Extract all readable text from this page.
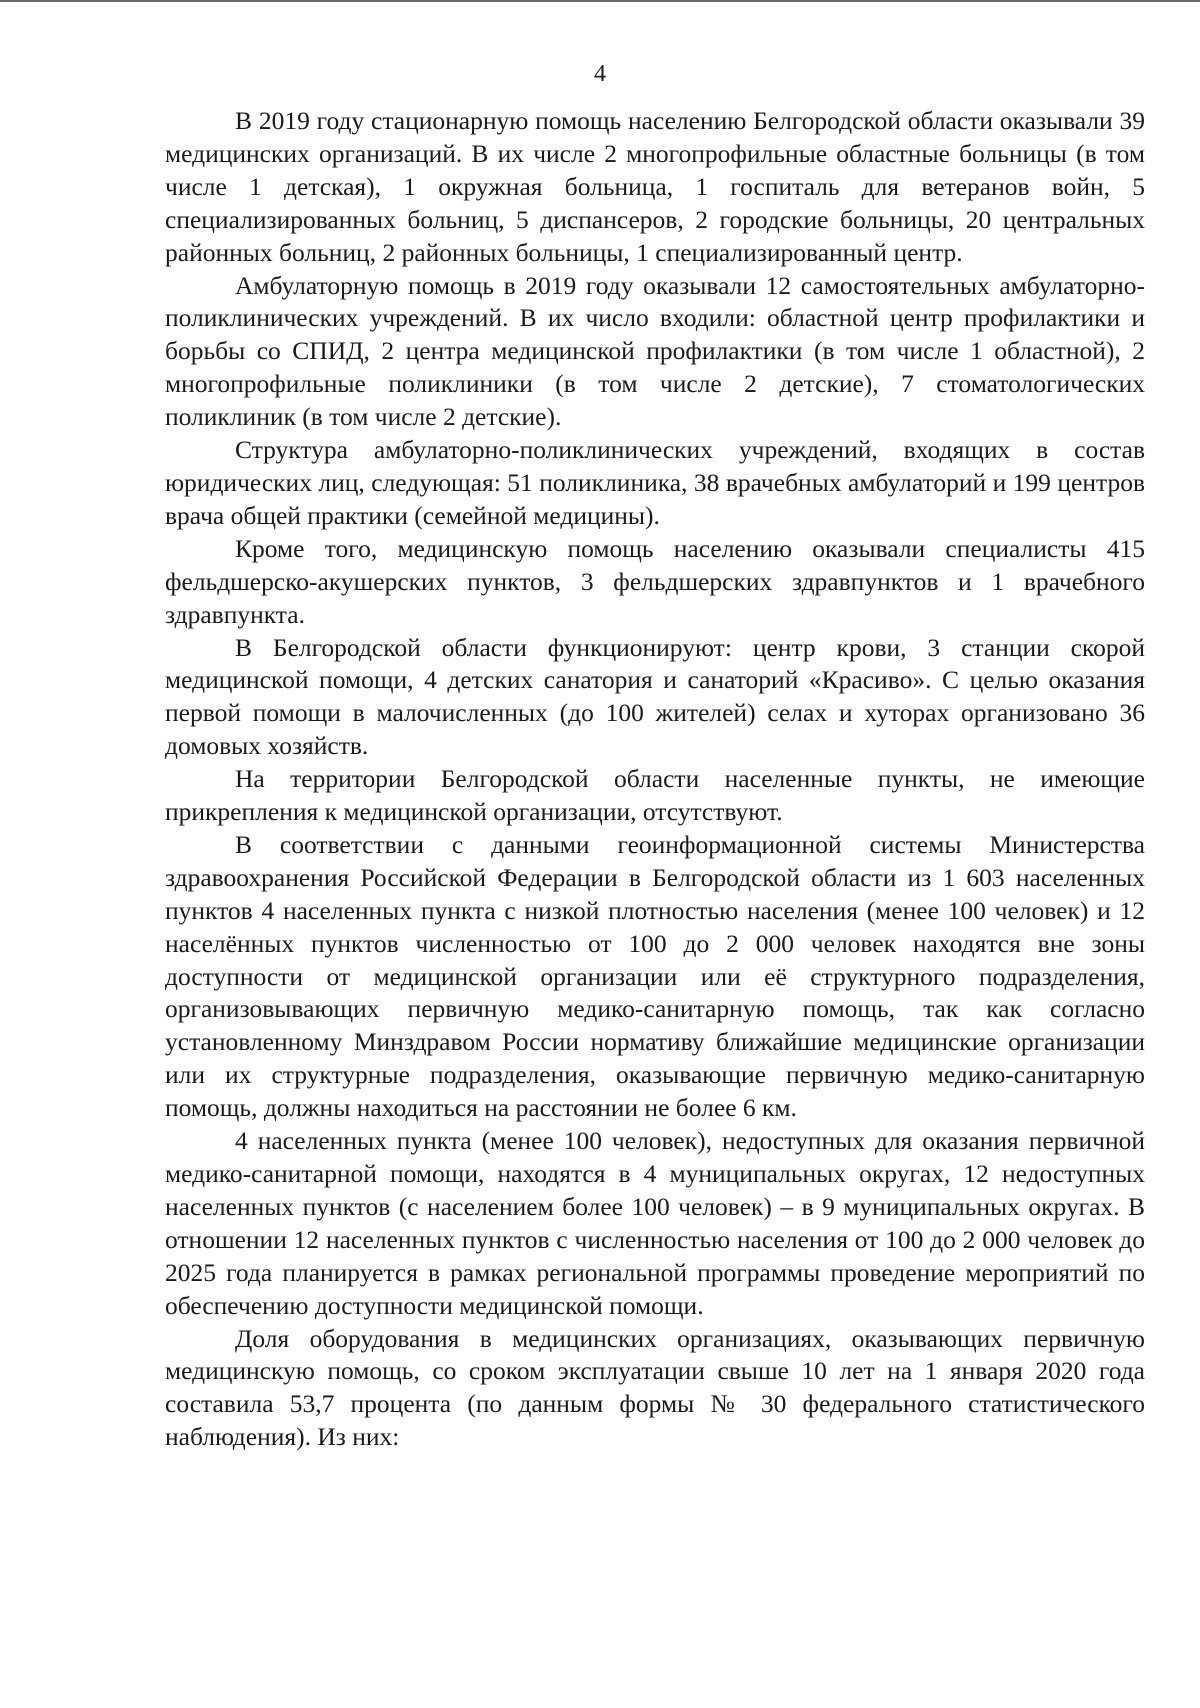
4

В 2019 году стационарную помощь населению Белгородской области оказывали 39 медицинских организаций. В их числе 2 многопрофильные областные больницы (в том числе 1 детская), 1 окружная больница, 1 госпиталь для ветеранов войн, 5 специализированных больниц, 5 диспансеров, 2 городские больницы, 20 центральных районных больниц, 2 районных больницы, 1 специализированный центр.

Амбулаторную помощь в 2019 году оказывали 12 самостоятельных амбулаторно-поликлинических учреждений. В их число входили: областной центр профилактики и борьбы со СПИД, 2 центра медицинской профилактики (в том числе 1 областной), 2 многопрофильные поликлиники (в том числе 2 детские), 7 стоматологических поликлиник (в том числе 2 детские).

Структура амбулаторно-поликлинических учреждений, входящих в состав юридических лиц, следующая: 51 поликлиника, 38 врачебных амбулаторий и 199 центров врача общей практики (семейной медицины).

Кроме того, медицинскую помощь населению оказывали специалисты 415 фельдшерско-акушерских пунктов, 3 фельдшерских здравпунктов и 1 врачебного здравпункта.

В Белгородской области функционируют: центр крови, 3 станции скорой медицинской помощи, 4 детских санатория и санаторий «Красиво». С целью оказания первой помощи в малочисленных (до 100 жителей) селах и хуторах организовано 36 домовых хозяйств.

На территории Белгородской области населенные пункты, не имеющие прикрепления к медицинской организации, отсутствуют.

В соответствии с данными геоинформационной системы Министерства здравоохранения Российской Федерации в Белгородской области из 1 603 населенных пунктов 4 населенных пункта с низкой плотностью населения (менее 100 человек) и 12 населённых пунктов численностью от 100 до 2 000 человек находятся вне зоны доступности от медицинской организации или её структурного подразделения, организовывающих первичную медико-санитарную помощь, так как согласно установленному Минздравом России нормативу ближайшие медицинские организации или их структурные подразделения, оказывающие первичную медико-санитарную помощь, должны находиться на расстоянии не более 6 км.

4 населенных пункта (менее 100 человек), недоступных для оказания первичной медико-санитарной помощи, находятся в 4 муниципальных округах, 12 недоступных населенных пунктов (с населением более 100 человек) – в 9 муниципальных округах. В отношении 12 населенных пунктов с численностью населения от 100 до 2 000 человек до 2025 года планируется в рамках региональной программы проведение мероприятий по обеспечению доступности медицинской помощи.

Доля оборудования в медицинских организациях, оказывающих первичную медицинскую помощь, со сроком эксплуатации свыше 10 лет на 1 января 2020 года составила 53,7 процента (по данным формы № 30 федерального статистического наблюдения). Из них:
